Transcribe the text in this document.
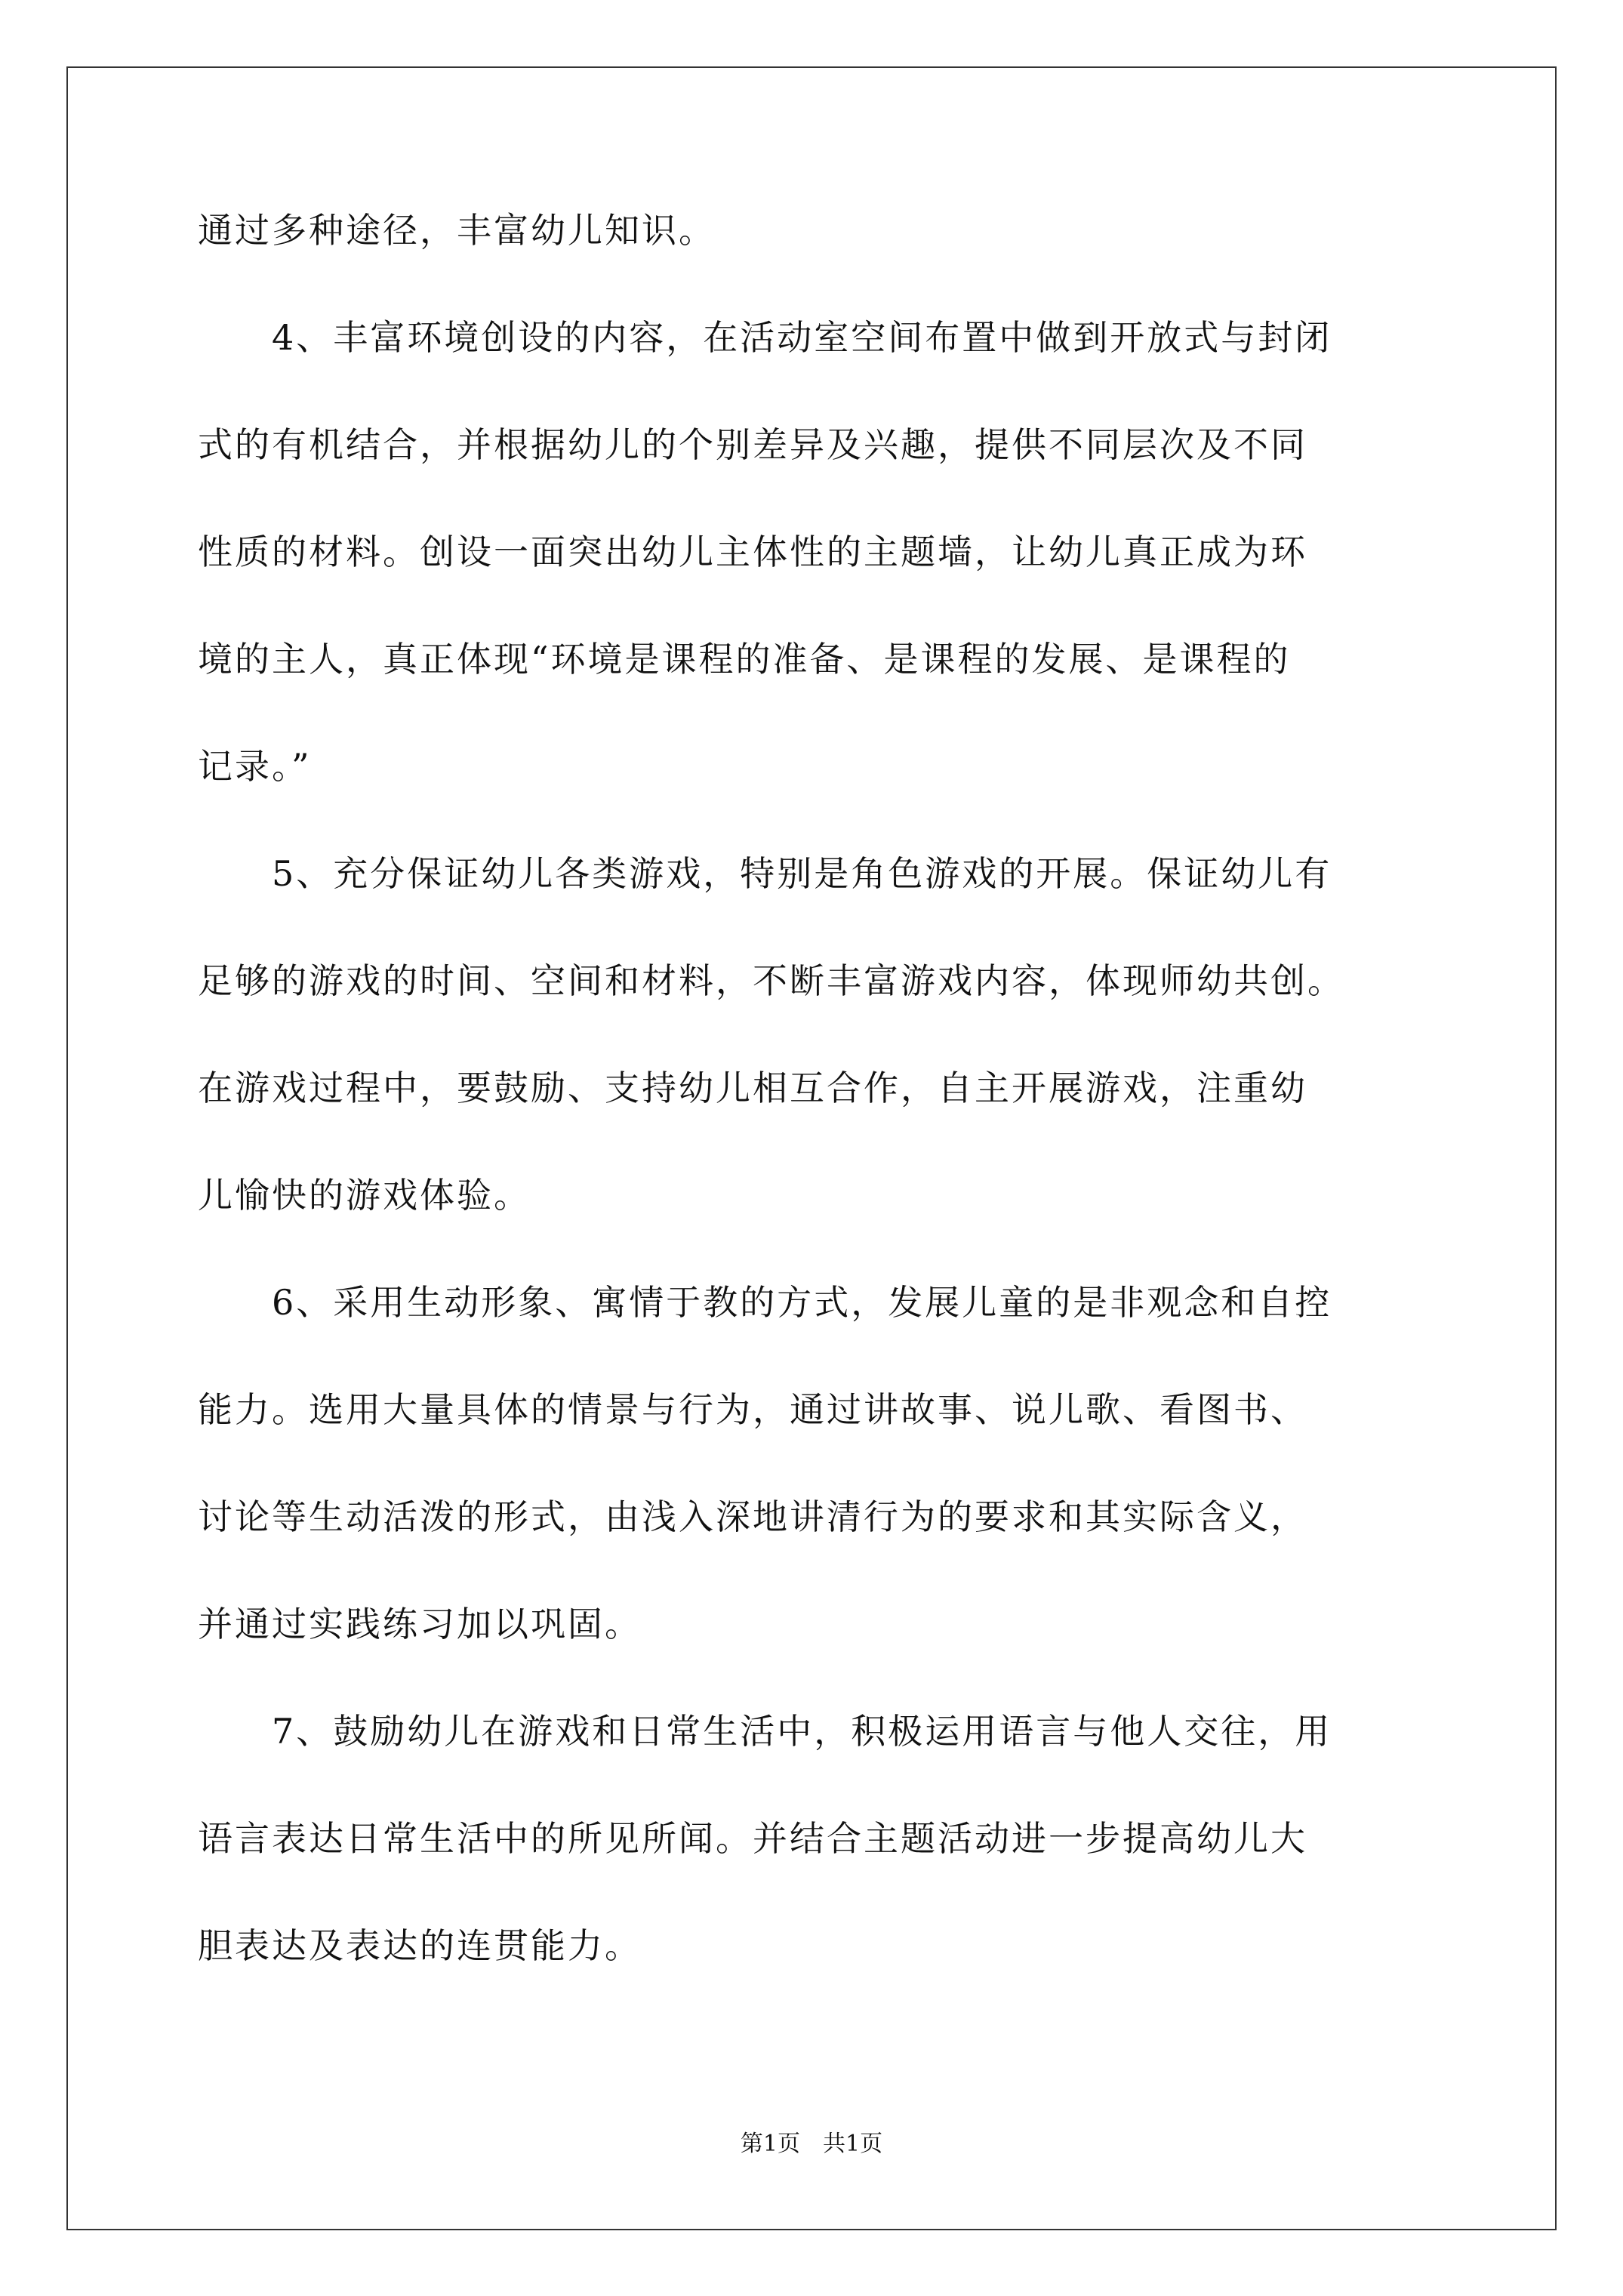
通过多种途径，丰富幼儿知识。
　　4、丰富环境创设的内容，在活动室空间布置中做到开放式与封闭
式的有机结合，并根据幼儿的个别差异及兴趣，提供不同层次及不同
性质的材料。创设一面突出幼儿主体性的主题墙，让幼儿真正成为环
境的主人，真正体现“环境是课程的准备、是课程的发展、是课程的
记录。”
　　5、充分保证幼儿各类游戏，特别是角色游戏的开展。保证幼儿有
足够的游戏的时间、空间和材料，不断丰富游戏内容，体现师幼共创。
在游戏过程中，要鼓励、支持幼儿相互合作，自主开展游戏，注重幼
儿愉快的游戏体验。
　　6、采用生动形象、寓情于教的方式，发展儿童的是非观念和自控
能力。选用大量具体的情景与行为，通过讲故事、说儿歌、看图书、
讨论等生动活泼的形式，由浅入深地讲清行为的要求和其实际含义，
并通过实践练习加以巩固。
　　7、鼓励幼儿在游戏和日常生活中，积极运用语言与他人交往，用
语言表达日常生活中的所见所闻。并结合主题活动进一步提高幼儿大
胆表达及表达的连贯能力。
第1页　共1页
